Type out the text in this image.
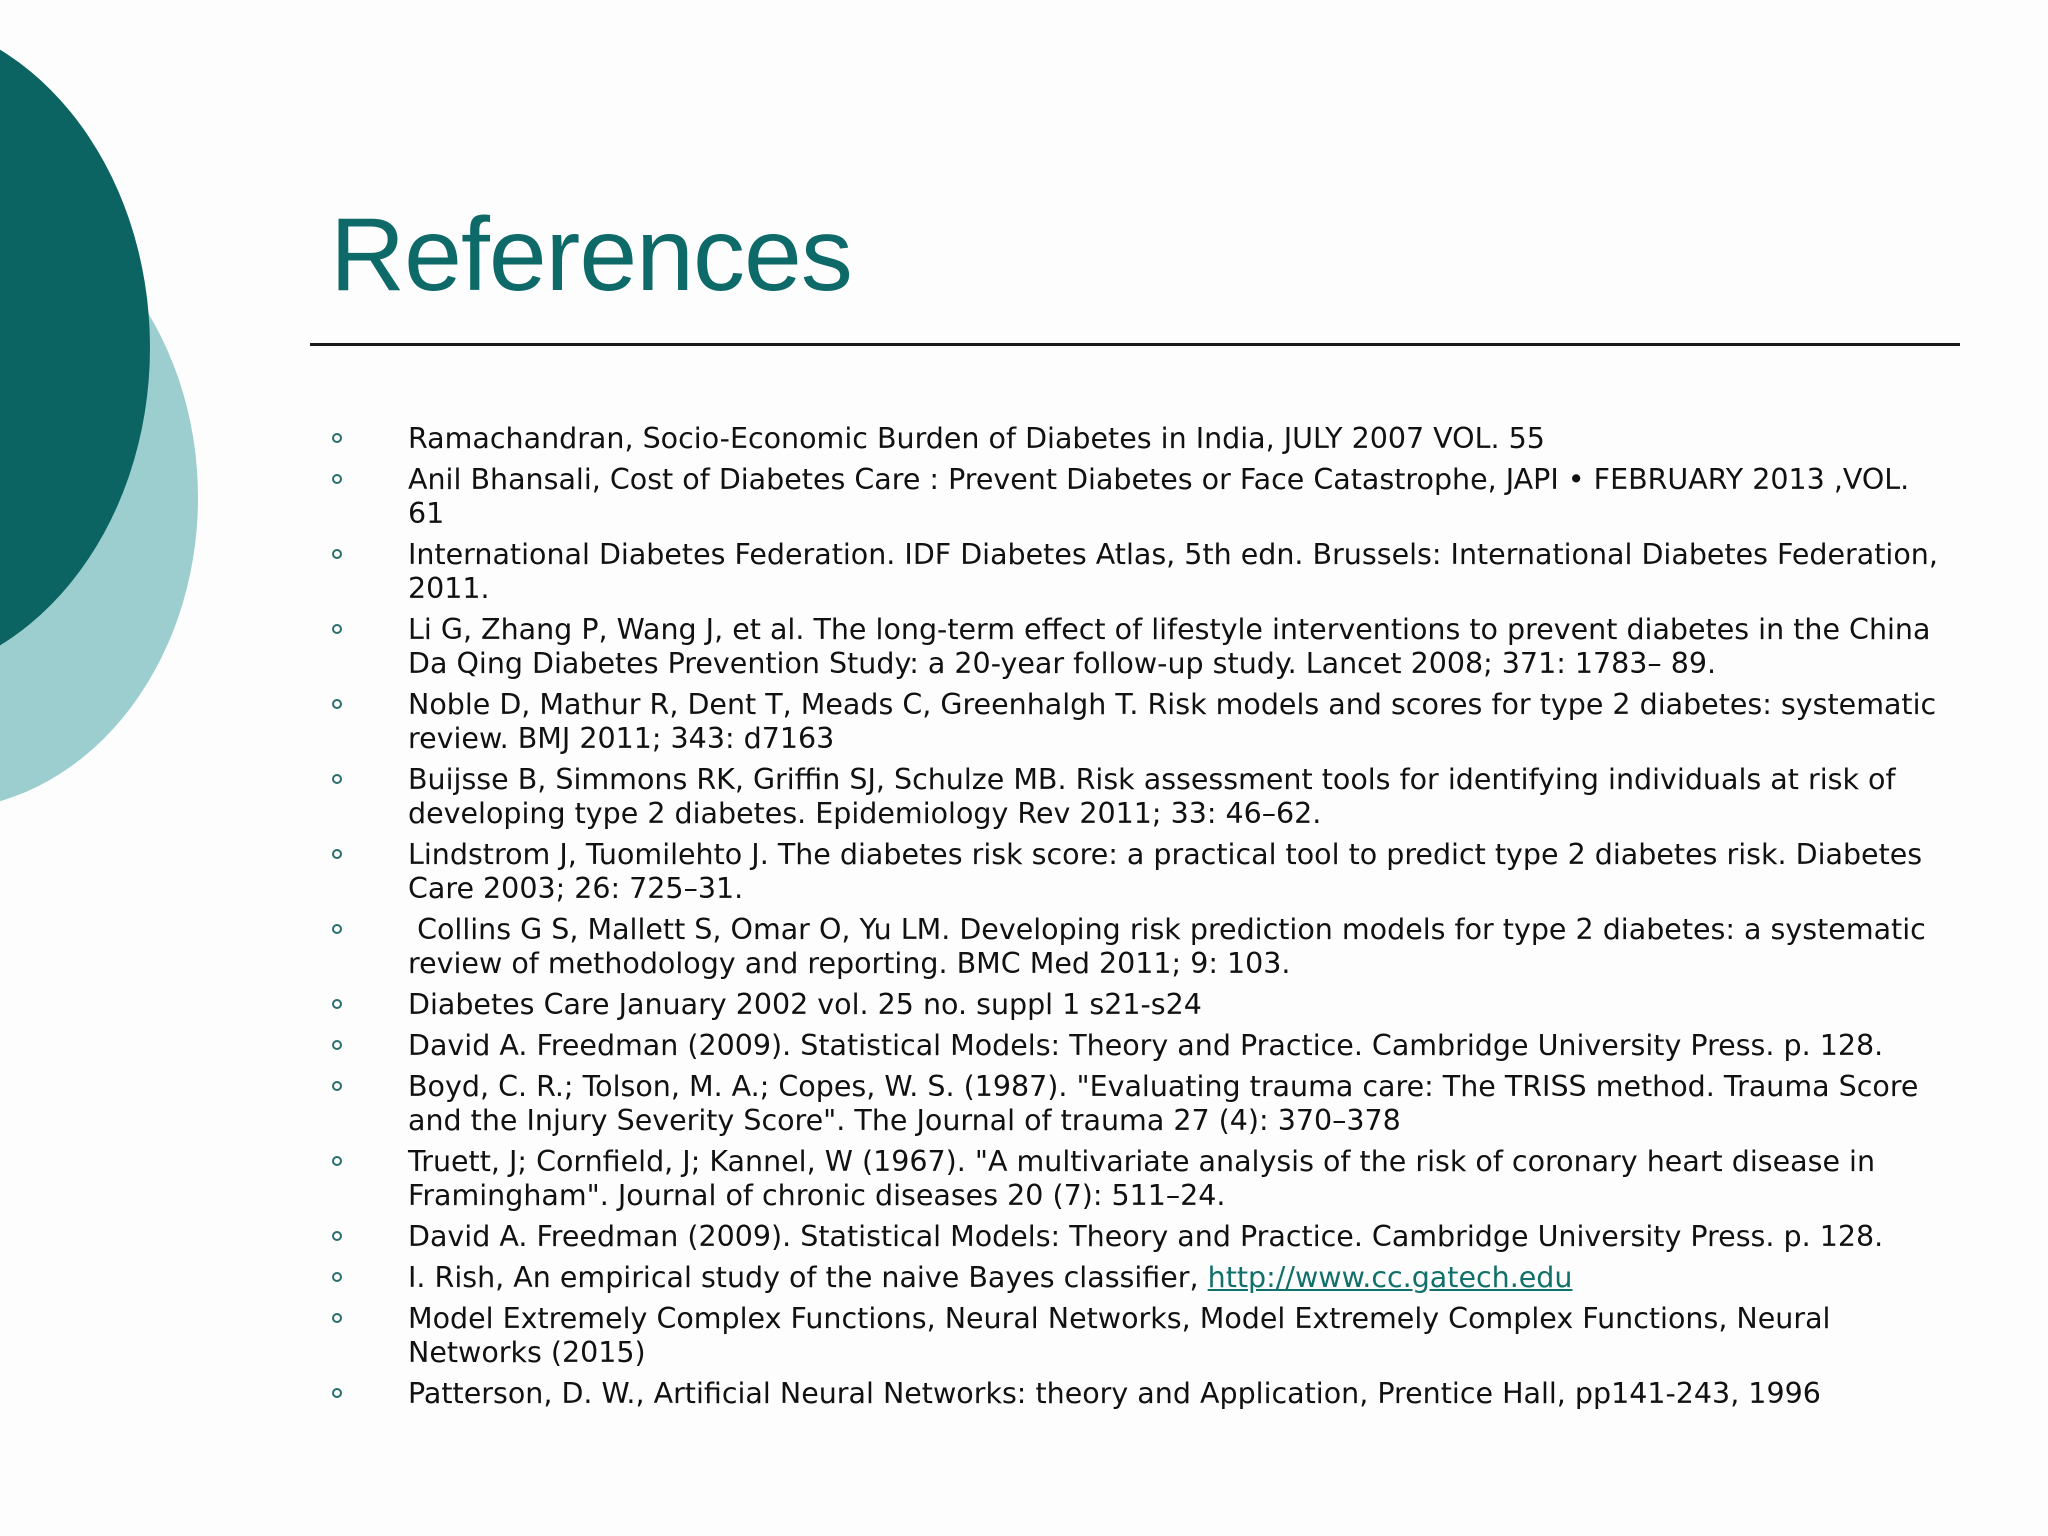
References
Ramachandran, Socio-Economic Burden of Diabetes in India, JULY 2007 VOL. 55
Anil Bhansali, Cost of Diabetes Care : Prevent Diabetes or Face Catastrophe, JAPI • FEBRUARY 2013 ,VOL. 61
International Diabetes Federation. IDF Diabetes Atlas, 5th edn. Brussels: International Diabetes Federation, 2011.
Li G, Zhang P, Wang J, et al. The long-term effect of lifestyle interventions to prevent diabetes in the China Da Qing Diabetes Prevention Study: a 20-year follow-up study. Lancet 2008; 371: 1783– 89.
Noble D, Mathur R, Dent T, Meads C, Greenhalgh T. Risk models and scores for type 2 diabetes: systematic review. BMJ 2011; 343: d7163
Buijsse B, Simmons RK, Griffin SJ, Schulze MB. Risk assessment tools for identifying individuals at risk of developing type 2 diabetes. Epidemiology Rev 2011; 33: 46–62.
Lindstrom J, Tuomilehto J. The diabetes risk score: a practical tool to predict type 2 diabetes risk. Diabetes Care 2003; 26: 725–31.
Collins G S, Mallett S, Omar O, Yu LM. Developing risk prediction models for type 2 diabetes: a systematic review of methodology and reporting. BMC Med 2011; 9: 103.
Diabetes Care January 2002 vol. 25 no. suppl 1 s21-s24
David A. Freedman (2009). Statistical Models: Theory and Practice. Cambridge University Press. p. 128.
Boyd, C. R.; Tolson, M. A.; Copes, W. S. (1987). "Evaluating trauma care: The TRISS method. Trauma Score and the Injury Severity Score". The Journal of trauma 27 (4): 370–378
Truett, J; Cornfield, J; Kannel, W (1967). "A multivariate analysis of the risk of coronary heart disease in Framingham". Journal of chronic diseases 20 (7): 511–24.
David A. Freedman (2009). Statistical Models: Theory and Practice. Cambridge University Press. p. 128.
I. Rish, An empirical study of the naive Bayes classifier, http://www.cc.gatech.edu
Model Extremely Complex Functions, Neural Networks, Model Extremely Complex Functions, Neural Networks (2015)
Patterson, D. W., Artificial Neural Networks: theory and Application, Prentice Hall, pp141-243, 1996
